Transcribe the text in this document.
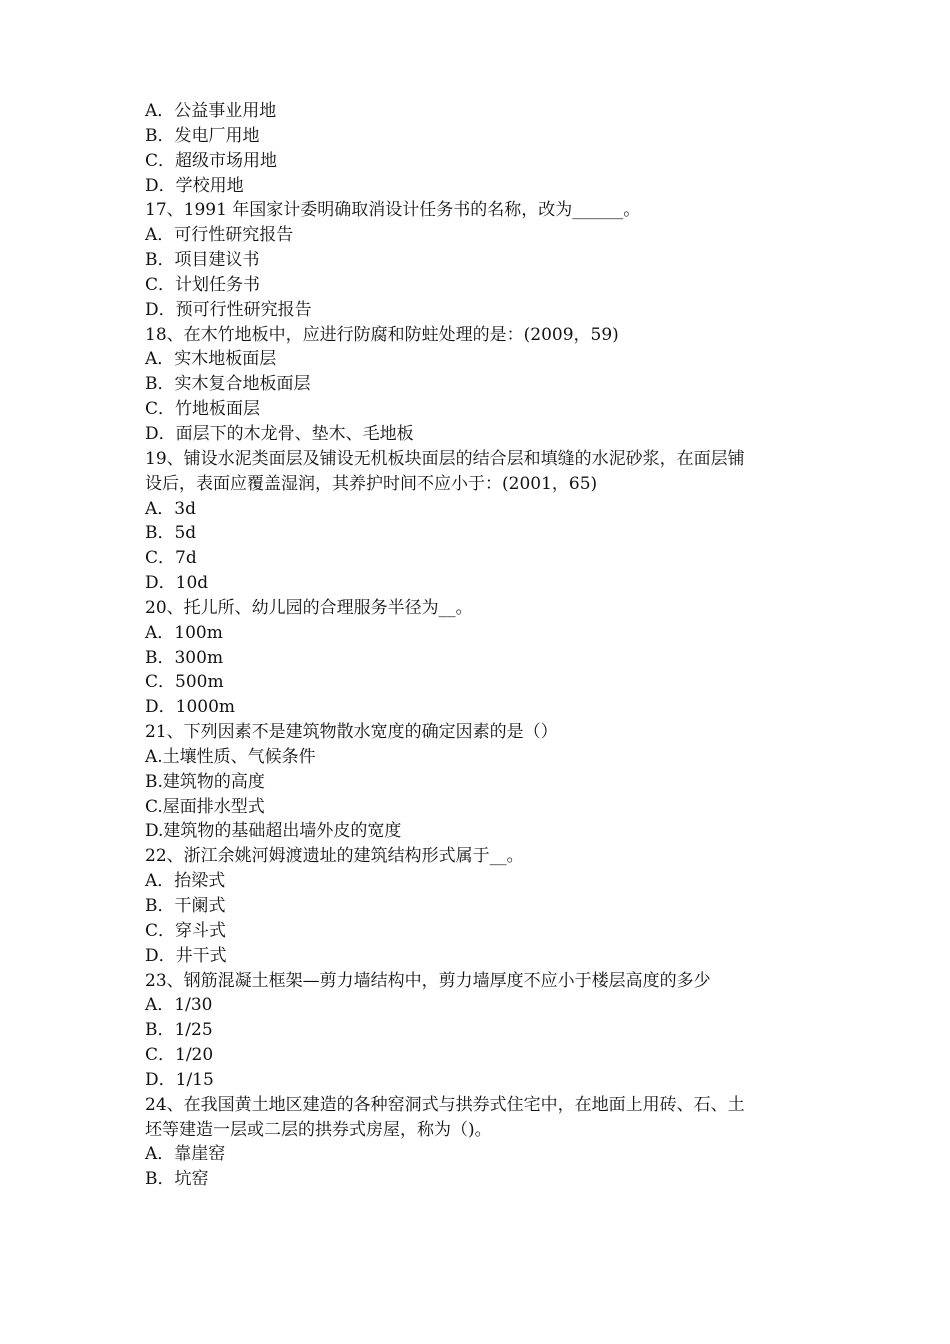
A．公益事业用地
B．发电厂用地
C．超级市场用地
D．学校用地
17、1991 年国家计委明确取消设计任务书的名称，改为______。
A．可行性研究报告
B．项目建议书
C．计划任务书
D．预可行性研究报告
18、在木竹地板中，应进行防腐和防蛀处理的是：(2009，59)
A．实木地板面层
B．实木复合地板面层
C．竹地板面层
D．面层下的木龙骨、垫木、毛地板
19、铺设水泥类面层及铺设无机板块面层的结合层和填缝的水泥砂浆，在面层铺
设后，表面应覆盖湿润，其养护时间不应小于：(2001，65)
A．3d
B．5d
C．7d
D．10d
20、托儿所、幼儿园的合理服务半径为__。
A．100m
B．300m
C．500m
D．1000m
21、下列因素不是建筑物散水宽度的确定因素的是（）
A.土壤性质、气候条件
B.建筑物的高度
C.屋面排水型式
D.建筑物的基础超出墙外皮的宽度
22、浙江余姚河姆渡遗址的建筑结构形式属于__。
A．抬梁式
B．干阑式
C．穿斗式
D．井干式
23、钢筋混凝土框架—剪力墙结构中，剪力墙厚度不应小于楼层高度的多少
A．1/30
B．1/25
C．1/20
D．1/15
24、在我国黄土地区建造的各种窑洞式与拱券式住宅中，在地面上用砖、石、土
坯等建造一层或二层的拱券式房屋，称为（)。
A．靠崖窑
B．坑窑
